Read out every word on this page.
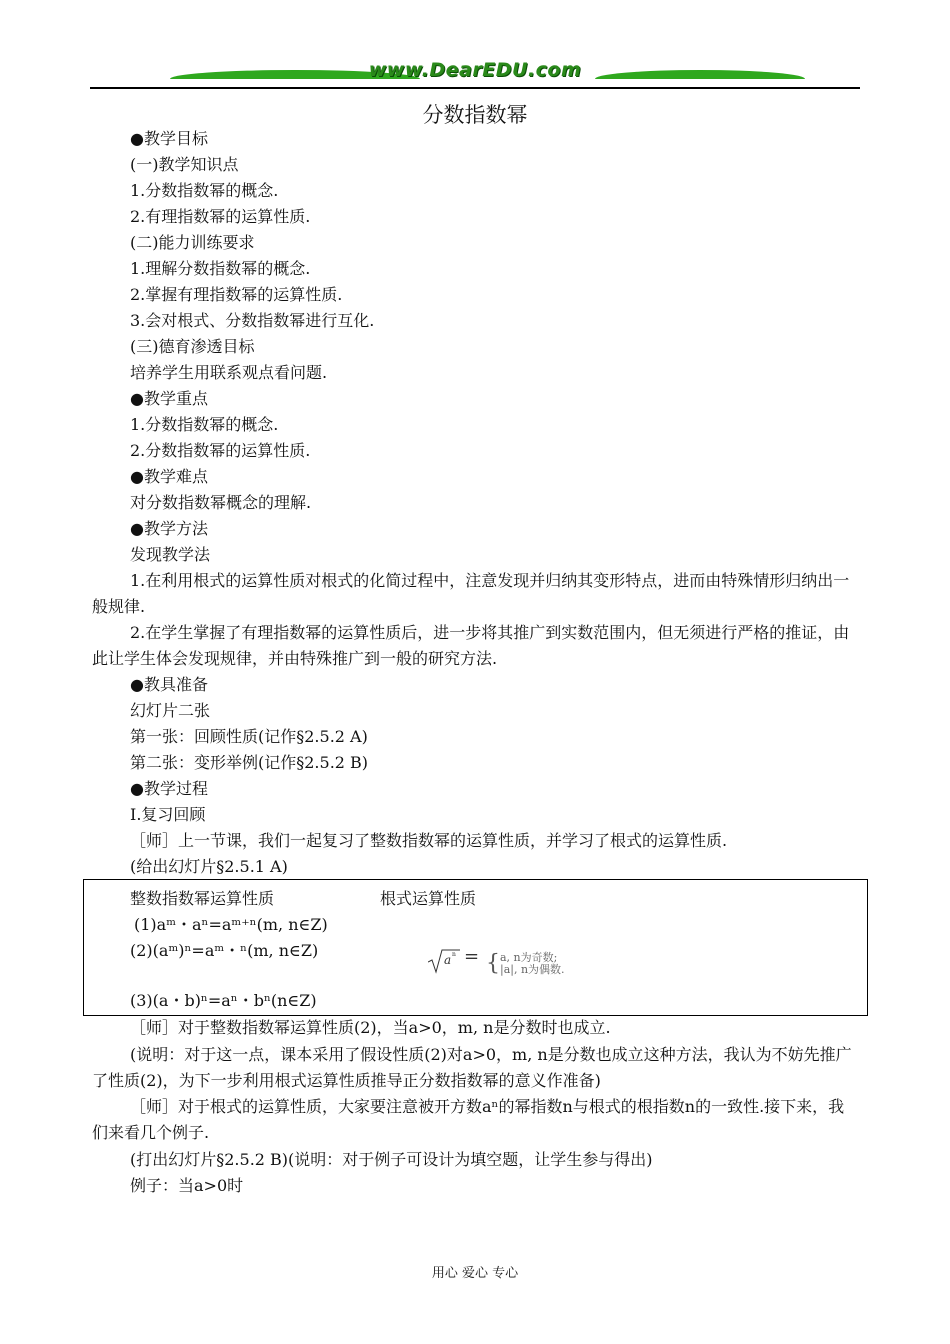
www.DearEDU.com
分数指数幂
●教学目标
(一)教学知识点
1.分数指数幂的概念.
2.有理指数幂的运算性质.
(二)能力训练要求
1.理解分数指数幂的概念.
2.掌握有理指数幂的运算性质.
3.会对根式、分数指数幂进行互化.
(三)德育渗透目标
培养学生用联系观点看问题.
●教学重点
1.分数指数幂的概念.
2.分数指数幂的运算性质.
●教学难点
对分数指数幂概念的理解.
●教学方法
发现教学法
1.在利用根式的运算性质对根式的化简过程中，注意发现并归纳其变形特点，进而由特殊情形归纳出一般规律.
2.在学生掌握了有理指数幂的运算性质后，进一步将其推广到实数范围内，但无须进行严格的推证，由此让学生体会发现规律，并由特殊推广到一般的研究方法.
●教具准备
幻灯片二张
第一张：回顾性质(记作§2.5.2 A)
第二张：变形举例(记作§2.5.2 B)
●教学过程
Ⅰ.复习回顾
［师］上一节课，我们一起复习了整数指数幂的运算性质，并学习了根式的运算性质.
(给出幻灯片§2.5.1 A)
整数指数幂运算性质	根式运算性质
(1)aᵐ・aⁿ=aᵐ⁺ⁿ(m, n∈Z)
(2)(aᵐ)ⁿ=aᵐ・ⁿ(m, n∈Z)
(3)(a・b)ⁿ=aⁿ・bⁿ(n∈Z)
a n = { a, n为奇数;
|a|, n为偶数.
［师］对于整数指数幂运算性质(2)，当a>0，m, n是分数时也成立.
(说明：对于这一点，课本采用了假设性质(2)对a>0，m, n是分数也成立这种方法，我认为不妨先推广了性质(2)，为下一步利用根式运算性质推导正分数指数幂的意义作准备)
［师］对于根式的运算性质，大家要注意被开方数aⁿ的幂指数n与根式的根指数n的一致性.接下来，我们来看几个例子.
(打出幻灯片§2.5.2 B)(说明：对于例子可设计为填空题，让学生参与得出)
例子：当a>0时
用心 爱心 专心
